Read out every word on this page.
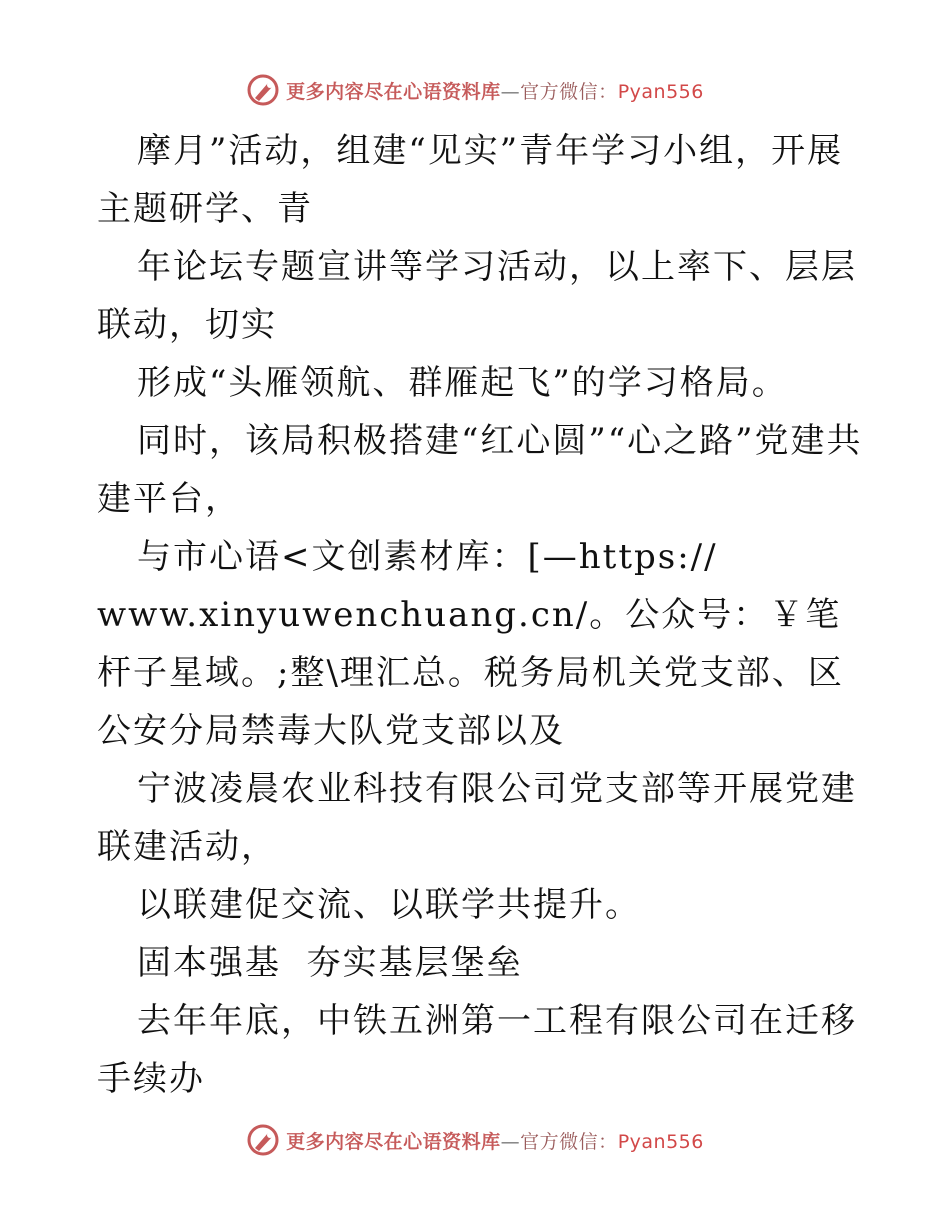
更多内容尽在心语资料库—官方微信：Pyan556

摩月”活动，组建“见实”青年学习小组，开展主题研学、青

年论坛专题宣讲等学习活动，以上率下、层层联动，切实

形成“头雁领航、群雁起飞”的学习格局。

同时，该局积极搭建“红心圆”“心之路”党建共建平台，

与市心语<文创素材库：[—https://
www.xinyuwenchuang.cn/。公众号：￥笔杆子星域。;整\理汇总。税务局机关党支部、区公安分局禁毒大队党支部以及

宁波凌晨农业科技有限公司党支部等开展党建联建活动，

以联建促交流、以联学共提升。

固本强基  夯实基层堡垒

去年年底，中铁五洲第一工程有限公司在迁移手续办

更多内容尽在心语资料库—官方微信：Pyan556
